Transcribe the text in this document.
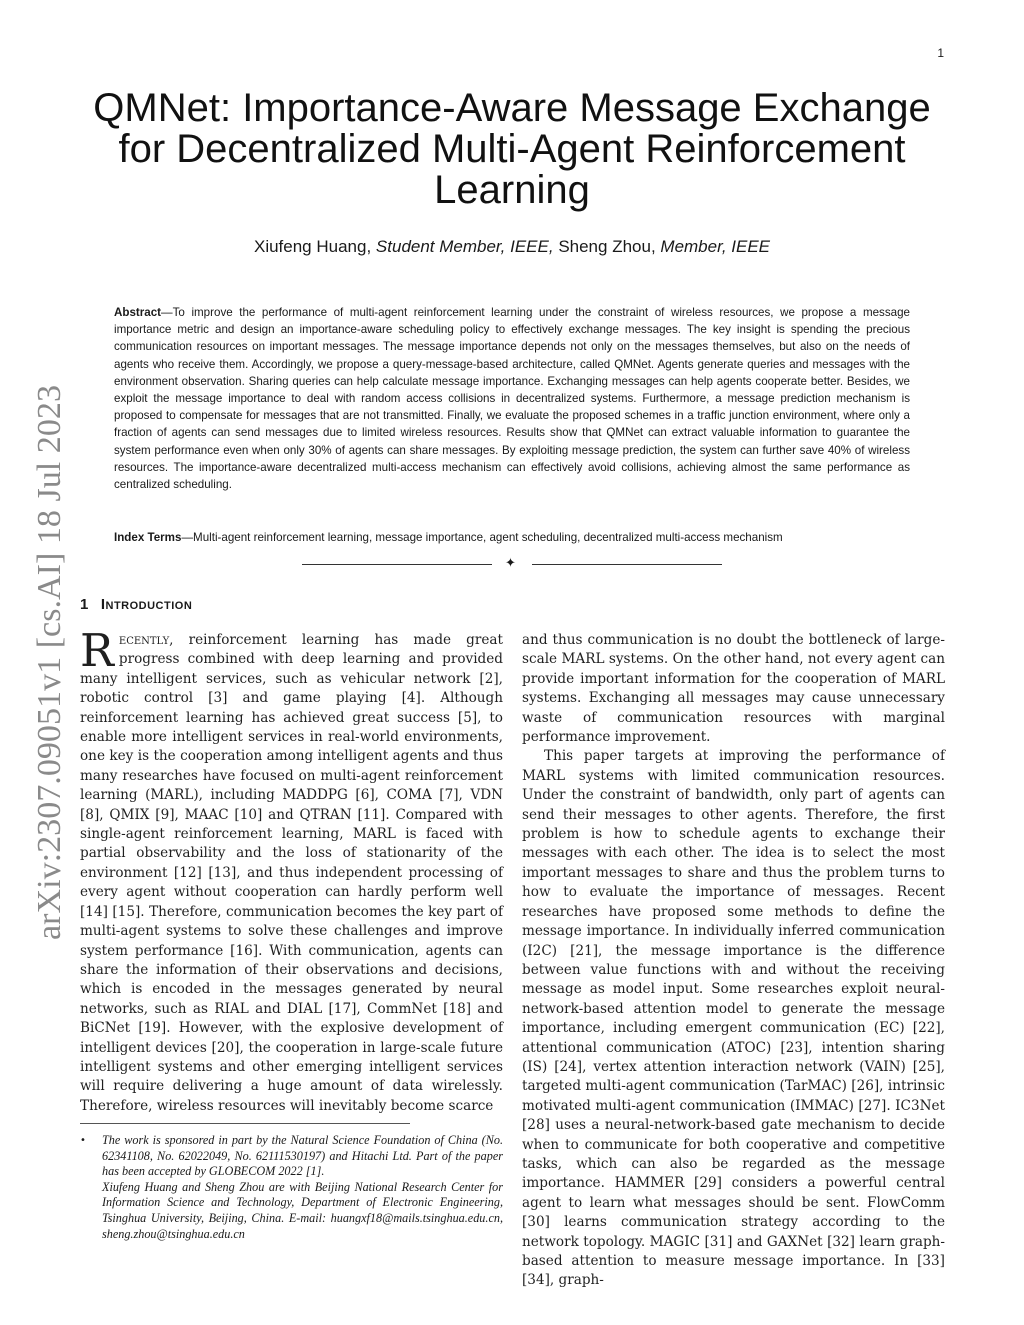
1
arXiv:2307.09051v1 [cs.AI] 18 Jul 2023
QMNet: Importance-Aware Message Exchange for Decentralized Multi-Agent Reinforcement Learning
Xiufeng Huang, Student Member, IEEE, Sheng Zhou, Member, IEEE
Abstract—To improve the performance of multi-agent reinforcement learning under the constraint of wireless resources, we propose a message importance metric and design an importance-aware scheduling policy to effectively exchange messages. The key insight is spending the precious communication resources on important messages. The message importance depends not only on the messages themselves, but also on the needs of agents who receive them. Accordingly, we propose a query-message-based architecture, called QMNet. Agents generate queries and messages with the environment observation. Sharing queries can help calculate message importance. Exchanging messages can help agents cooperate better. Besides, we exploit the message importance to deal with random access collisions in decentralized systems. Furthermore, a message prediction mechanism is proposed to compensate for messages that are not transmitted. Finally, we evaluate the proposed schemes in a traffic junction environment, where only a fraction of agents can send messages due to limited wireless resources. Results show that QMNet can extract valuable information to guarantee the system performance even when only 30% of agents can share messages. By exploiting message prediction, the system can further save 40% of wireless resources. The importance-aware decentralized multi-access mechanism can effectively avoid collisions, achieving almost the same performance as centralized scheduling.
Index Terms—Multi-agent reinforcement learning, message importance, agent scheduling, decentralized multi-access mechanism
✦
1 Introduction

Recently, reinforcement learning has made great progress combined with deep learning and provided many intelligent services, such as vehicular network [2], robotic control [3] and game playing [4]. Although reinforcement learning has achieved great success [5], to enable more intelligent services in real-world environments, one key is the cooperation among intelligent agents and thus many researches have focused on multi-agent reinforcement learning (MARL), including MADDPG [6], COMA [7], VDN [8], QMIX [9], MAAC [10] and QTRAN [11]. Compared with single-agent reinforcement learning, MARL is faced with partial observability and the loss of stationarity of the environment [12] [13], and thus independent processing of every agent without cooperation can hardly perform well [14] [15]. Therefore, communication becomes the key part of multi-agent systems to solve these challenges and improve system performance [16]. With communication, agents can share the information of their observations and decisions, which is encoded in the messages generated by neural networks, such as RIAL and DIAL [17], CommNet [18] and BiCNet [19]. However, with the explosive development of intelligent devices [20], the cooperation in large-scale future intelligent systems and other emerging intelligent services will require delivering a huge amount of data wirelessly. Therefore, wireless resources will inevitably become scarce

and thus communication is no doubt the bottleneck of large-scale MARL systems. On the other hand, not every agent can provide important information for the cooperation of MARL systems. Exchanging all messages may cause unnecessary waste of communication resources with marginal performance improvement.

This paper targets at improving the performance of MARL systems with limited communication resources. Under the constraint of bandwidth, only part of agents can send their messages to other agents. Therefore, the first problem is how to schedule agents to exchange their messages with each other. The idea is to select the most important messages to share and thus the problem turns to how to evaluate the importance of messages. Recent researches have proposed some methods to define the message importance. In individually inferred communication (I2C) [21], the message importance is the difference between value functions with and without the receiving message as model input. Some researches exploit neural-network-based attention model to generate the message importance, including emergent communication (EC) [22], attentional communication (ATOC) [23], intention sharing (IS) [24], vertex attention interaction network (VAIN) [25], targeted multi-agent communication (TarMAC) [26], intrinsic motivated multi-agent communication (IMMAC) [27]. IC3Net [28] uses a neural-network-based gate mechanism to decide when to communicate for both cooperative and competitive tasks, which can also be regarded as the message importance. HAMMER [29] considers a powerful central agent to learn what messages should be sent. FlowComm [30] learns communication strategy according to the network topology. MAGIC [31] and GAXNet [32] learn graph-based attention to measure message importance. In [33] [34], graph-

• The work is sponsored in part by the Natural Science Foundation of China (No. 62341108, No. 62022049, No. 62111530197) and Hitachi Ltd. Part of the paper has been accepted by GLOBECOM 2022 [1].

Xiufeng Huang and Sheng Zhou are with Beijing National Research Center for Information Science and Technology, Department of Electronic Engineering, Tsinghua University, Beijing, China. E-mail: huangxf18@mails.tsinghua.edu.cn, sheng.zhou@tsinghua.edu.cn
